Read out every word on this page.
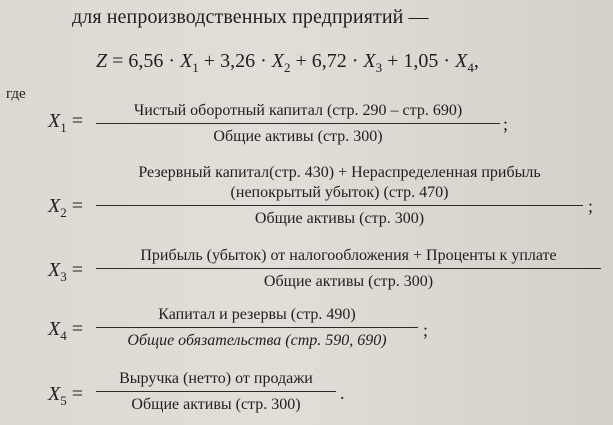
для непроизводственных предприятий —
$Z = 6,56 \cdot X_1 + 3,26 \cdot X_2 + 6,72 \cdot X_3 + 1,05 \cdot X_4$,
где
$X_1$ =	Чистый оборотный капитал (стр. 290 – стр. 690)
Общие активы (стр. 300)
;
$X_2$ =
Резервный капитал(стр. 430) + Нераспределенная прибыль
(непокрытый убыток) (стр. 470)
Общие активы (стр. 300)
;
$X_3$ =
Прибыль (убыток) от налогообложения + Проценты к уплате
Общие активы (стр. 300)
$X_4$ =
Капитал и резервы (стр. 490)
Общие обязательства (стр. 590, 690)
;
$X_5$ =
Выручка (нетто) от продажи
Общие активы (стр. 300)
.
